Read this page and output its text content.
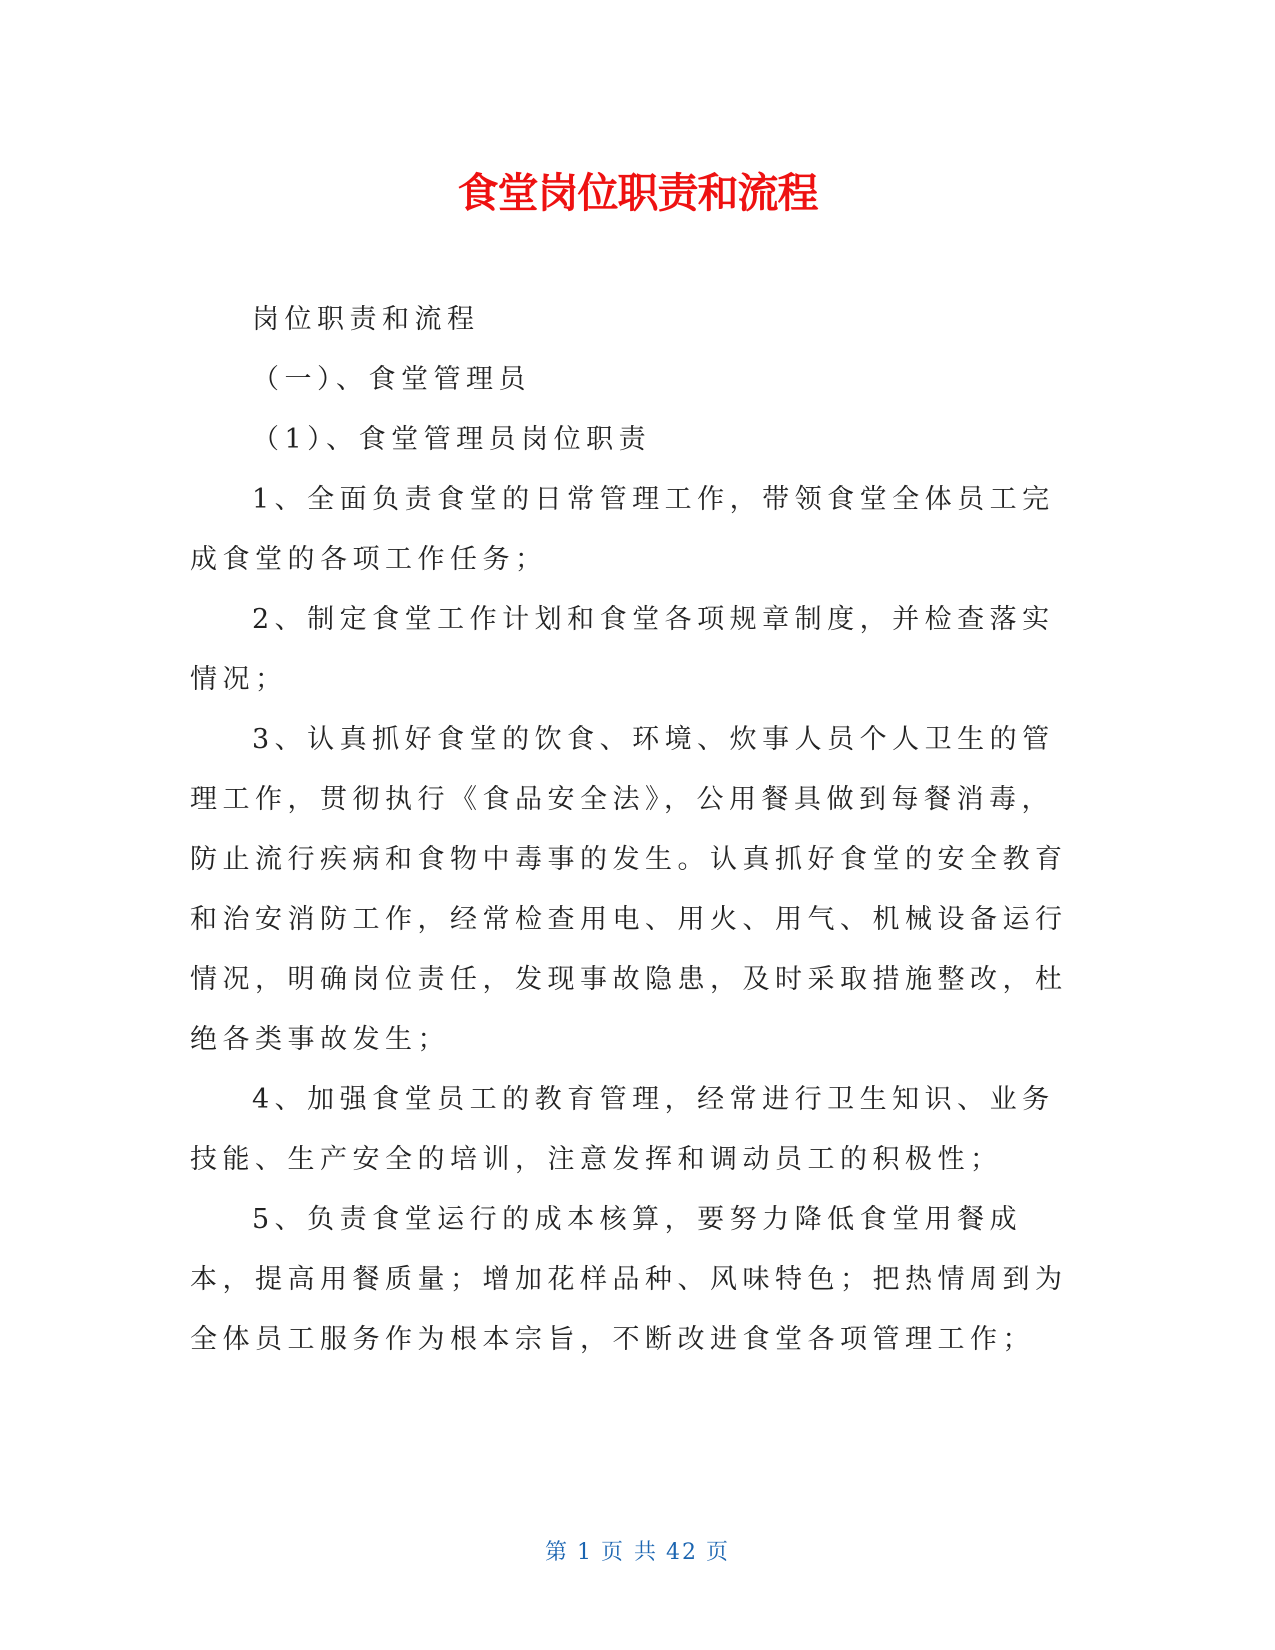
食堂岗位职责和流程

岗位职责和流程

（一）、食堂管理员

（1）、食堂管理员岗位职责

1、全面负责食堂的日常管理工作，带领食堂全体员工完成食堂的各项工作任务；

2、制定食堂工作计划和食堂各项规章制度，并检查落实情况；

3、认真抓好食堂的饮食、环境、炊事人员个人卫生的管理工作，贯彻执行《食品安全法》，公用餐具做到每餐消毒，防止流行疾病和食物中毒事的发生。认真抓好食堂的安全教育和治安消防工作，经常检查用电、用火、用气、机械设备运行情况，明确岗位责任，发现事故隐患，及时采取措施整改，杜绝各类事故发生；

4、加强食堂员工的教育管理，经常进行卫生知识、业务技能、生产安全的培训，注意发挥和调动员工的积极性；

5、负责食堂运行的成本核算，要努力降低食堂用餐成本，提高用餐质量；增加花样品种、风味特色；把热情周到为全体员工服务作为根本宗旨，不断改进食堂各项管理工作；

第 1 页 共 42 页
